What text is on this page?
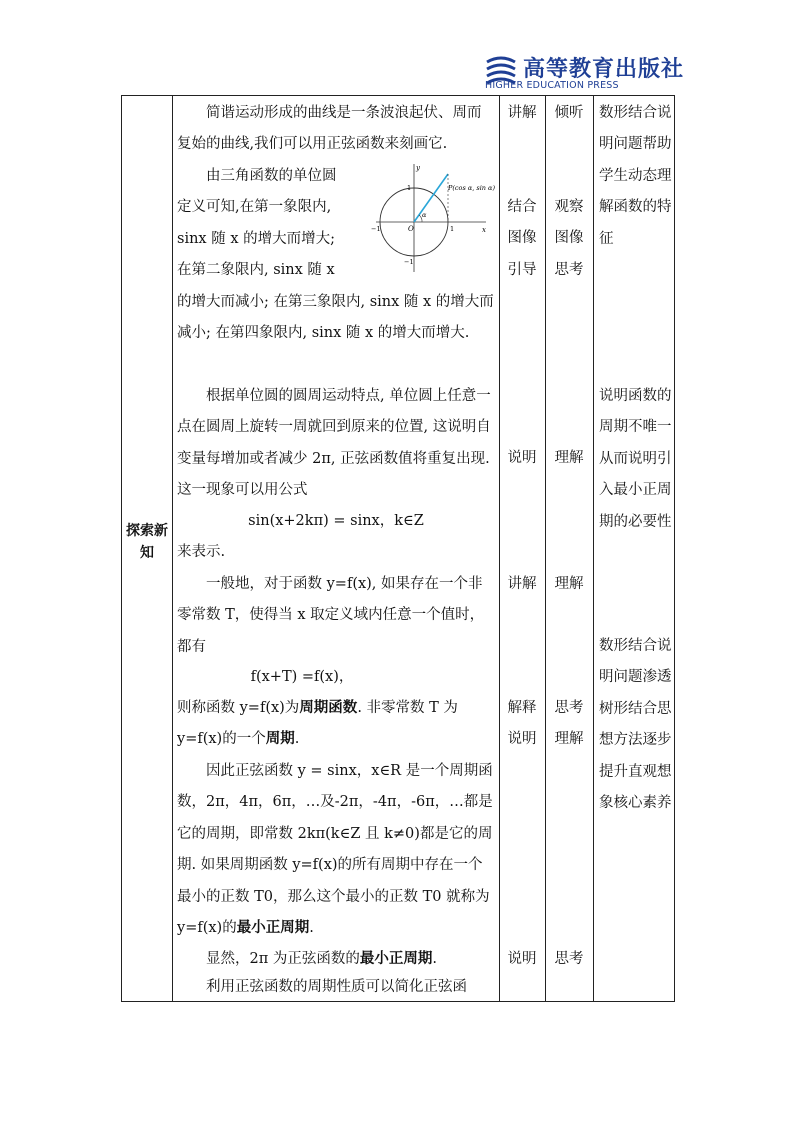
高等教育出版社
HIGHER EDUCATION PRESS
探索新知
简谐运动形成的曲线是一条波浪起伏、周而复始的曲线,我们可以用正弦函数来刻画它.
由三角函数的单位圆
定义可知,在第一象限内,
sinx 随 x 的增大而增大;
在第二象限内, sinx 随 x
P(cos α, sin α)
y
x
O
1
−1
−1	1
α
的增大而减小; 在第三象限内, sinx 随 x 的增大而减小; 在第四象限内, sinx 随 x 的增大而增大.
根据单位圆的圆周运动特点, 单位圆上任意一点在圆周上旋转一周就回到原来的位置, 这说明自变量每增加或者减少 2π, 正弦函数值将重复出现. 这一现象可以用公式
sin(x+2kπ) = sinx，k∈Z
来表示.
一般地，对于函数 y=f(x), 如果存在一个非零常数 T，使得当 x 取定义域内任意一个值时，都有
f(x+T) =f(x)，
则称函数 y=f(x)为周期函数. 非零常数 T 为 y=f(x)的一个周期.
因此正弦函数 y = sinx，x∈R 是一个周期函数，2π，4π，6π，…及-2π，-4π，-6π，…都是它的周期，即常数 2kπ(k∈Z 且 k≠0)都是它的周期. 如果周期函数 y=f(x)的所有周期中存在一个最小的正数 T0，那么这个最小的正数 T0 就称为 y=f(x)的最小正周期.
显然，2π 为正弦函数的最小正周期.
利用正弦函数的周期性质可以简化正弦函
讲解
结合图像引导
说明
讲解
解释说明
说明
倾听
观察图像思考
理解
理解
思考理解
思考
数形结合说明问题帮助学生动态理解函数的特征
说明函数的周期不唯一从而说明引入最小正周期的必要性
数形结合说明问题渗透树形结合思想方法逐步提升直观想象核心素养
